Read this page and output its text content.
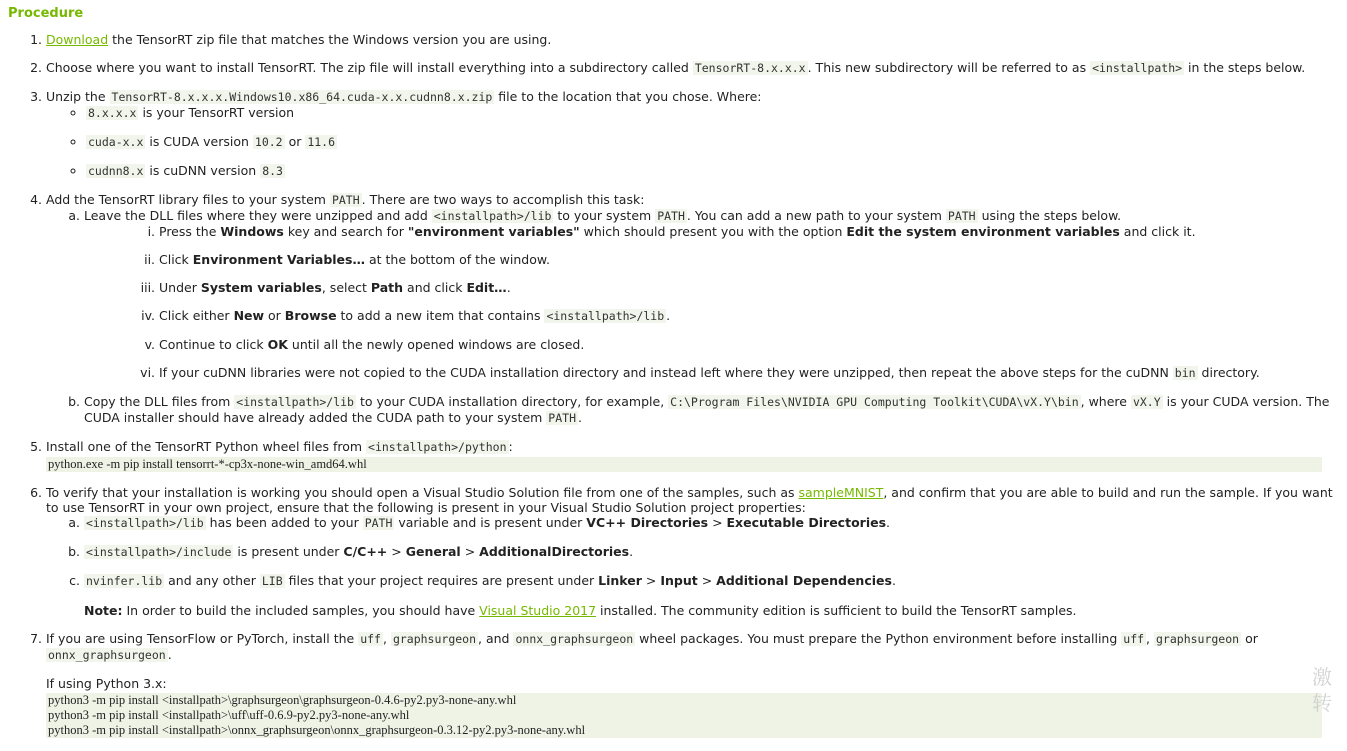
Procedure
1. Download the TensorRT zip file that matches the Windows version you are using.
2. Choose where you want to install TensorRT. The zip file will install everything into a subdirectory called TensorRT-8.x.x.x . This new subdirectory will be referred to as <installpath> in the steps below.
3. Unzip the TensorRT-8.x.x.x.Windows10.x86_64.cuda-x.x.cudnn8.x.zip file to the location that you chose. Where:
◦ 8.x.x.x is your TensorRT version
◦ cuda-x.x is CUDA version 10.2 or 11.6
◦ cudnn8.x is cuDNN version 8.3
4. Add the TensorRT library files to your system PATH . There are two ways to accomplish this task:
a. Leave the DLL files where they were unzipped and add <installpath>/lib to your system PATH . You can add a new path to your system PATH using the steps below.
i. Press the Windows key and search for "environment variables" which should present you with the option Edit the system environment variables and click it.
ii. Click Environment Variables… at the bottom of the window.
iii. Under System variables, select Path and click Edit….
iv. Click either New or Browse to add a new item that contains <installpath>/lib .
v. Continue to click OK until all the newly opened windows are closed.
vi. If your cuDNN libraries were not copied to the CUDA installation directory and instead left where they were unzipped, then repeat the above steps for the cuDNN bin directory.
b. Copy the DLL files from <installpath>/lib to your CUDA installation directory, for example, C:\Program Files\NVIDIA GPU Computing Toolkit\CUDA\vX.Y\bin , where vX.Y is your CUDA version. The CUDA installer should have already added the CUDA path to your system PATH .
5. Install one of the TensorRT Python wheel files from <installpath>/python :
python.exe -m pip install tensorrt-*-cp3x-none-win_amd64.whl
6. To verify that your installation is working you should open a Visual Studio Solution file from one of the samples, such as sampleMNIST, and confirm that you are able to build and run the sample. If you want to use TensorRT in your own project, ensure that the following is present in your Visual Studio Solution project properties:
a. <installpath>/lib has been added to your PATH variable and is present under VC++ Directories > Executable Directories.
b. <installpath>/include is present under C/C++ > General > AdditionalDirectories.
c. nvinfer.lib and any other LIB files that your project requires are present under Linker > Input > Additional Dependencies.
Note: In order to build the included samples, you should have Visual Studio 2017 installed. The community edition is sufficient to build the TensorRT samples.
7. If you are using TensorFlow or PyTorch, install the uff , graphsurgeon , and onnx_graphsurgeon wheel packages. You must prepare the Python environment before installing uff , graphsurgeon or onnx_graphsurgeon .
If using Python 3.x:
python3 -m pip install <installpath>\graphsurgeon\graphsurgeon-0.4.6-py2.py3-none-any.whl
python3 -m pip install <installpath>\uff\uff-0.6.9-py2.py3-none-any.whl
python3 -m pip install <installpath>\onnx_graphsurgeon\onnx_graphsurgeon-0.3.12-py2.py3-none-any.whl
激
转
